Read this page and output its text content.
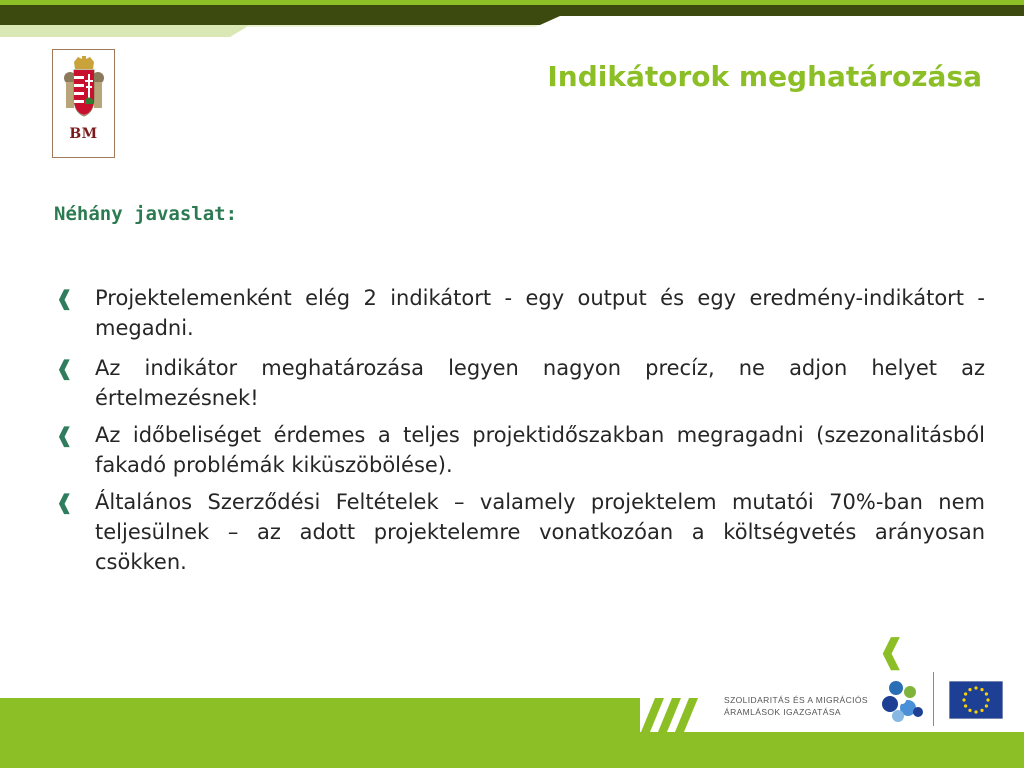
BM
Indikátorok meghatározása
Néhány javaslat:
❰ Projektelemenként elég 2 indikátort - egy output és egy eredmény-indikátort - megadni.
❰ Az indikátor meghatározása legyen nagyon precíz, ne adjon helyet az értelmezésnek!
❰ Az időbeliséget érdemes a teljes projektidőszakban megragadni (szezonalitásból fakadó problémák kiküszöbölése).
❰ Általános Szerződési Feltételek – valamely projektelem mutatói 70%-ban nem teljesülnek – az adott projektelemre vonatkozóan a költségvetés arányosan csökken.
❰
SZOLIDARITÁS ÉS A MIGRÁCIÓS
ÁRAMLÁSOK IGAZGATÁSA
